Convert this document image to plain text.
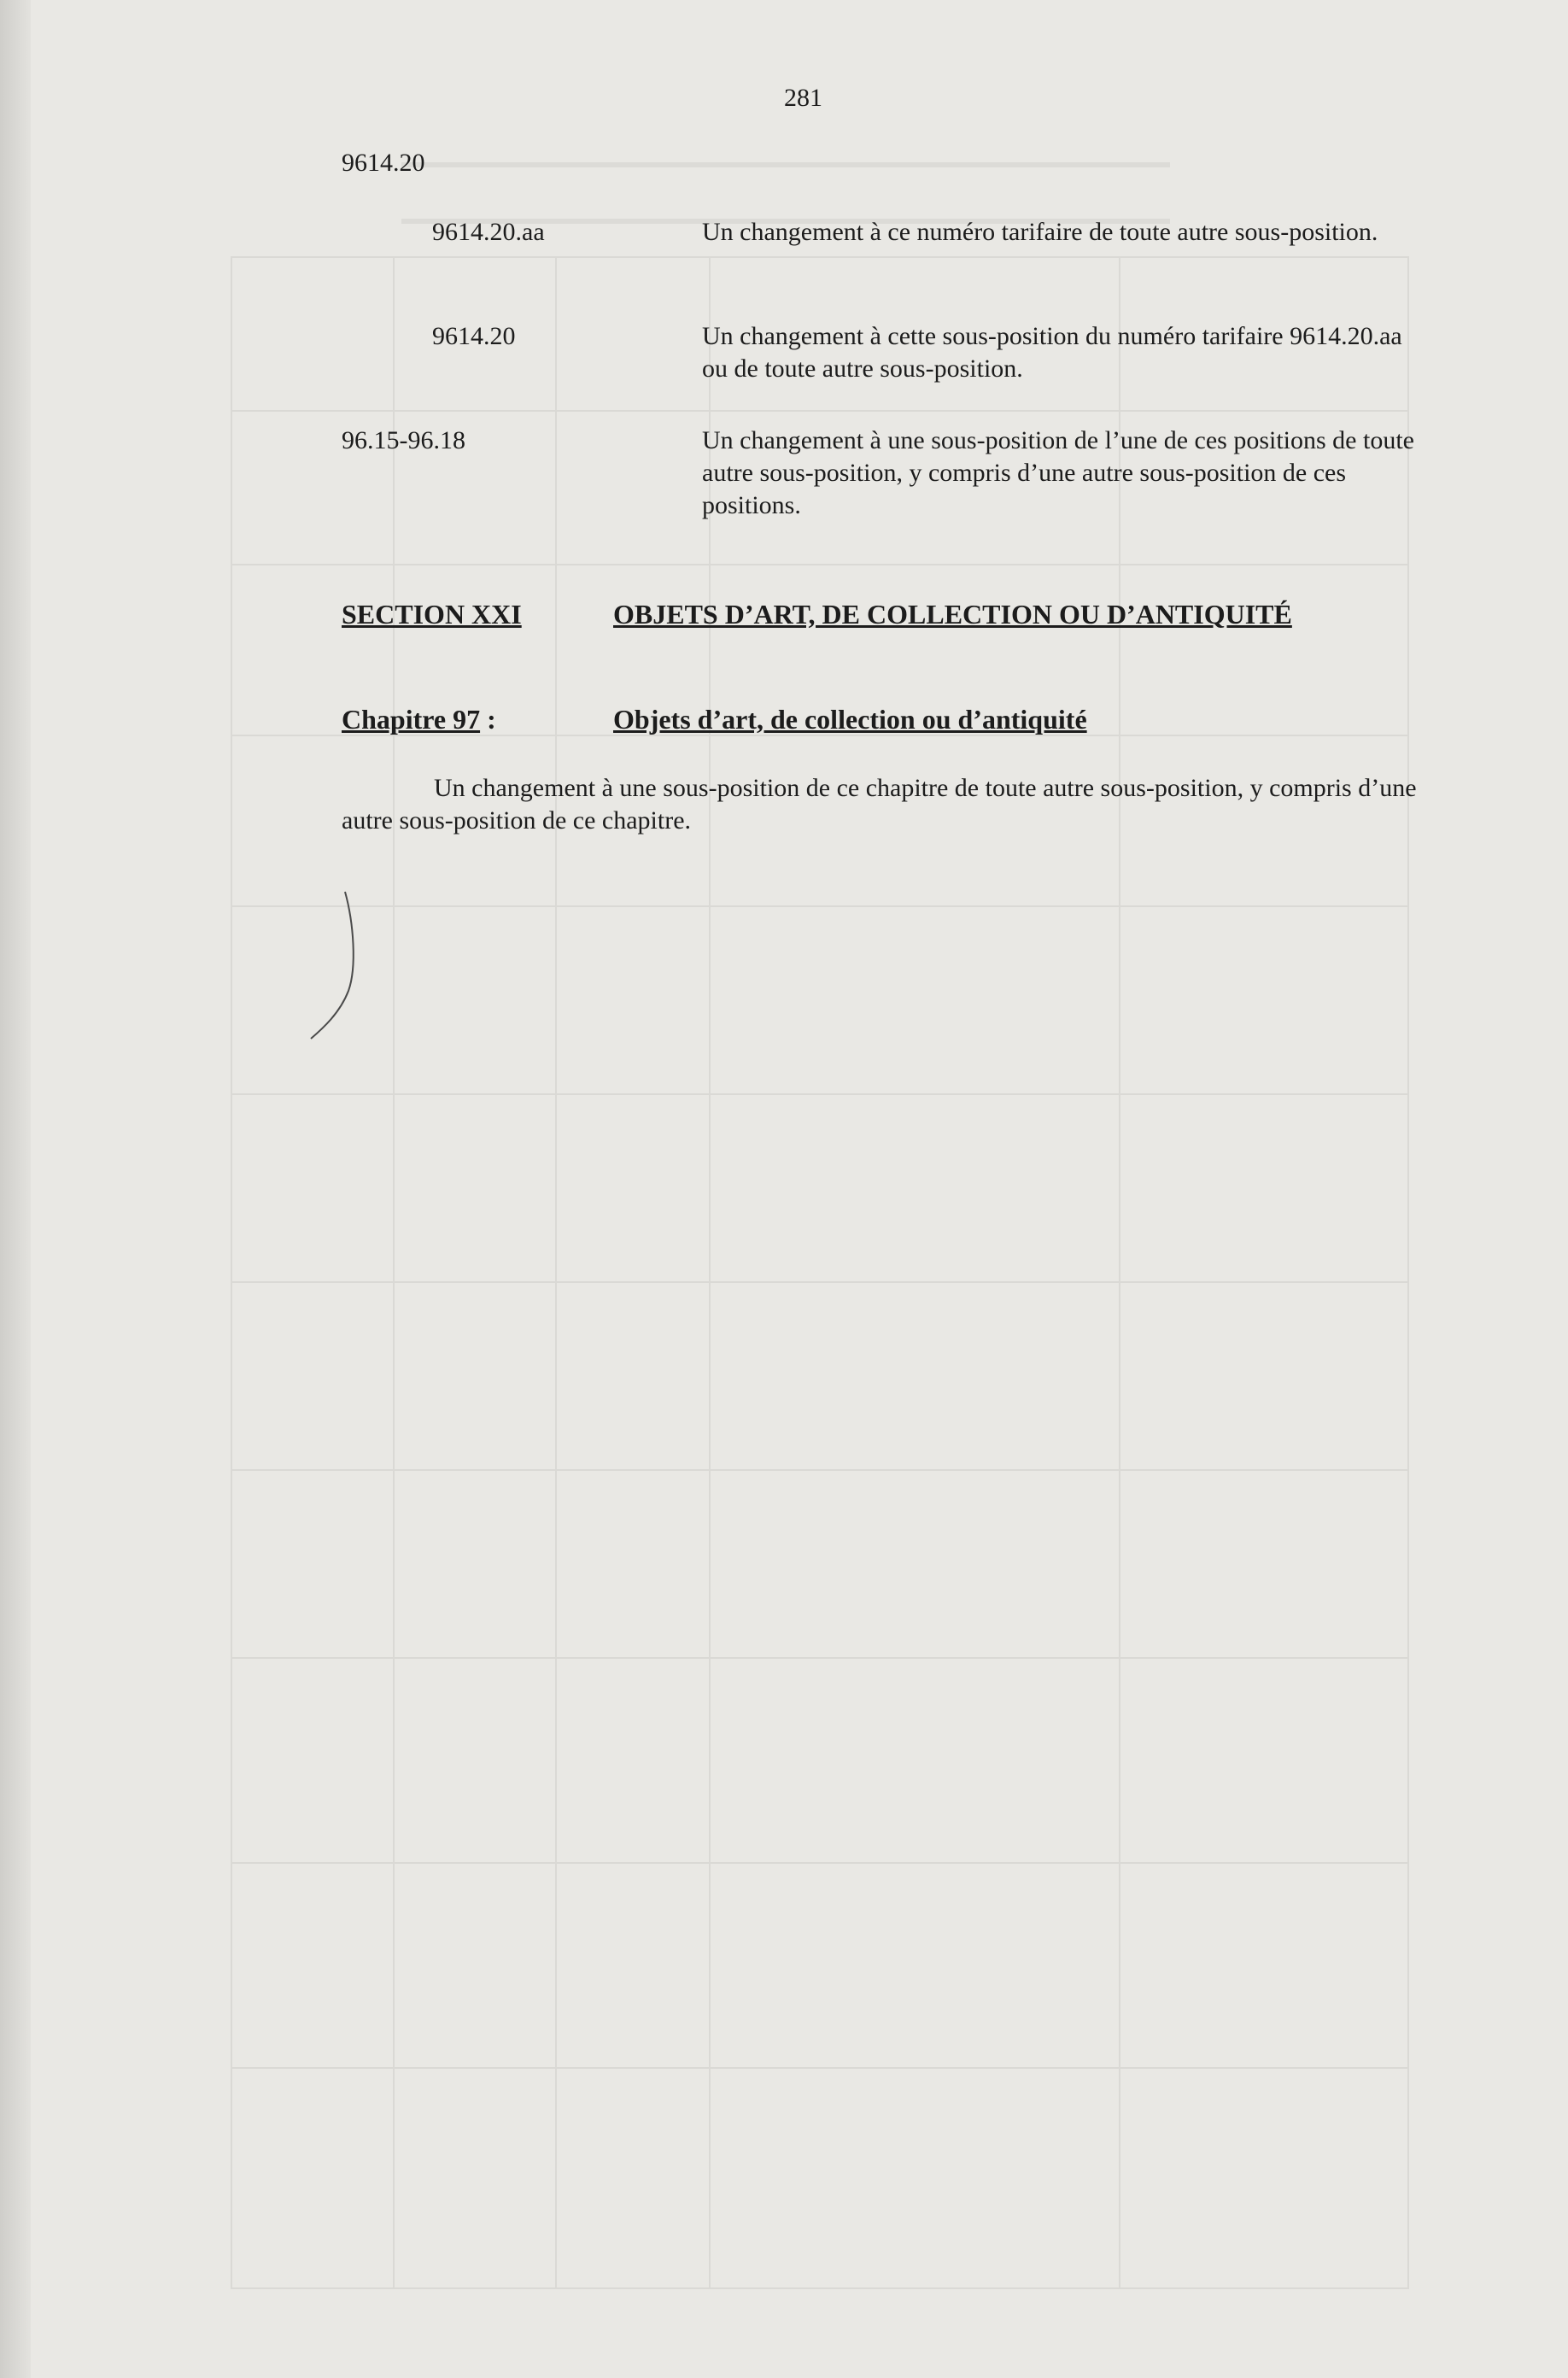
281
9614.20
9614.20.aa	Un changement à ce numéro tarifaire de toute autre sous-position.
9614.20	Un changement à cette sous-position du numéro tarifaire 9614.20.aa ou de toute autre sous-position.
96.15-96.18	Un changement à une sous-position de l’une de ces positions de toute autre sous-position, y compris d’une autre sous-position de ces positions.
SECTION XXI	OBJETS D’ART, DE COLLECTION OU D’ANTIQUITÉ
Chapitre 97 :	Objets d’art, de collection ou d’antiquité
Un changement à une sous-position de ce chapitre de toute autre sous-position, y compris d’une autre sous-position de ce chapitre.
